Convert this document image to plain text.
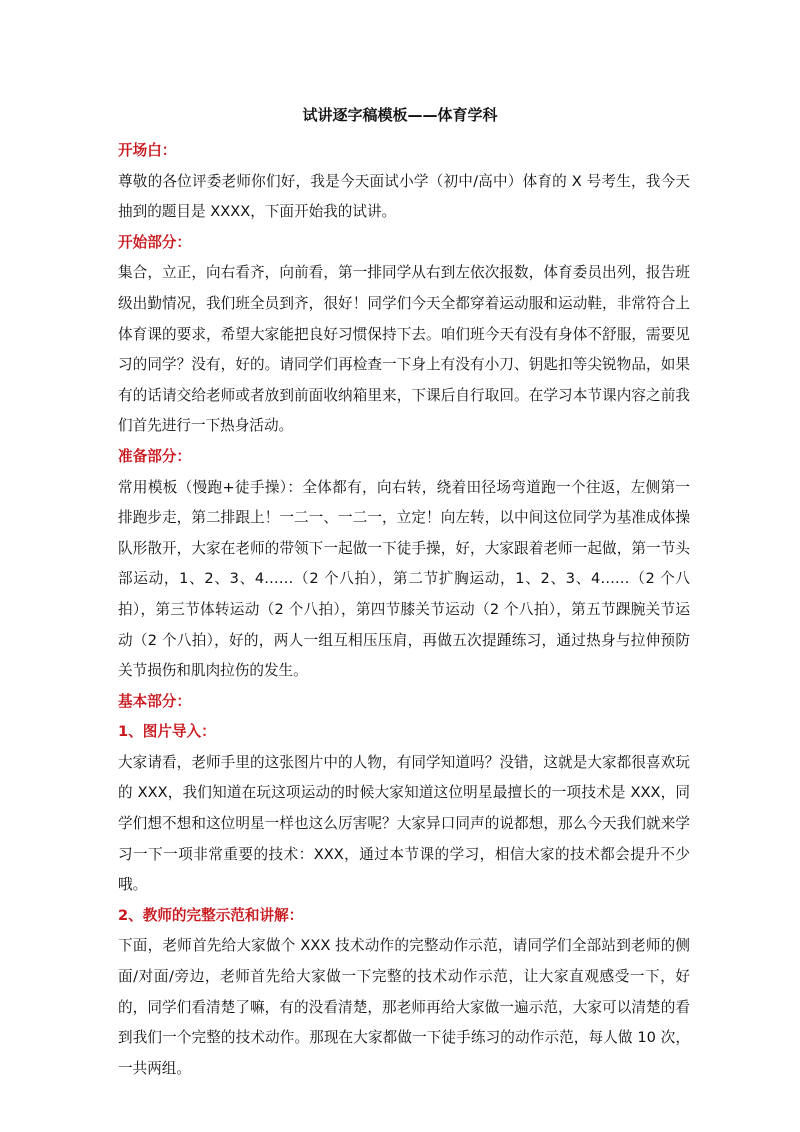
试讲逐字稿模板——体育学科

开场白：

尊敬的各位评委老师你们好，我是今天面试小学（初中/高中）体育的 X 号考生，我今天抽到的题目是 XXXX，下面开始我的试讲。

开始部分：

集合，立正，向右看齐，向前看，第一排同学从右到左依次报数，体育委员出列，报告班级出勤情况，我们班全员到齐，很好！同学们今天全都穿着运动服和运动鞋，非常符合上体育课的要求，希望大家能把良好习惯保持下去。咱们班今天有没有身体不舒服，需要见习的同学？没有，好的。请同学们再检查一下身上有没有小刀、钥匙扣等尖锐物品，如果有的话请交给老师或者放到前面收纳箱里来，下课后自行取回。在学习本节课内容之前我们首先进行一下热身活动。

准备部分：

常用模板（慢跑+徒手操）：全体都有，向右转，绕着田径场弯道跑一个往返，左侧第一排跑步走，第二排跟上！一二一、一二一，立定！向左转，以中间这位同学为基准成体操队形散开，大家在老师的带领下一起做一下徒手操，好，大家跟着老师一起做，第一节头部运动，1、2、3、4……（2 个八拍），第二节扩胸运动，1、2、3、4……（2 个八拍），第三节体转运动（2 个八拍），第四节膝关节运动（2 个八拍），第五节踝腕关节运动（2 个八拍），好的，两人一组互相压压肩，再做五次提踵练习，通过热身与拉伸预防关节损伤和肌肉拉伤的发生。

基本部分：

1、图片导入：

大家请看，老师手里的这张图片中的人物，有同学知道吗？没错，这就是大家都很喜欢玩的 XXX，我们知道在玩这项运动的时候大家知道这位明星最擅长的一项技术是 XXX，同学们想不想和这位明星一样也这么厉害呢？大家异口同声的说都想，那么今天我们就来学习一下一项非常重要的技术：XXX，通过本节课的学习，相信大家的技术都会提升不少哦。

2、教师的完整示范和讲解：

下面，老师首先给大家做个 XXX 技术动作的完整动作示范，请同学们全部站到老师的侧面/对面/旁边，老师首先给大家做一下完整的技术动作示范，让大家直观感受一下，好的，同学们看清楚了嘛，有的没看清楚，那老师再给大家做一遍示范，大家可以清楚的看到我们一个完整的技术动作。那现在大家都做一下徒手练习的动作示范，每人做 10 次，一共两组。
